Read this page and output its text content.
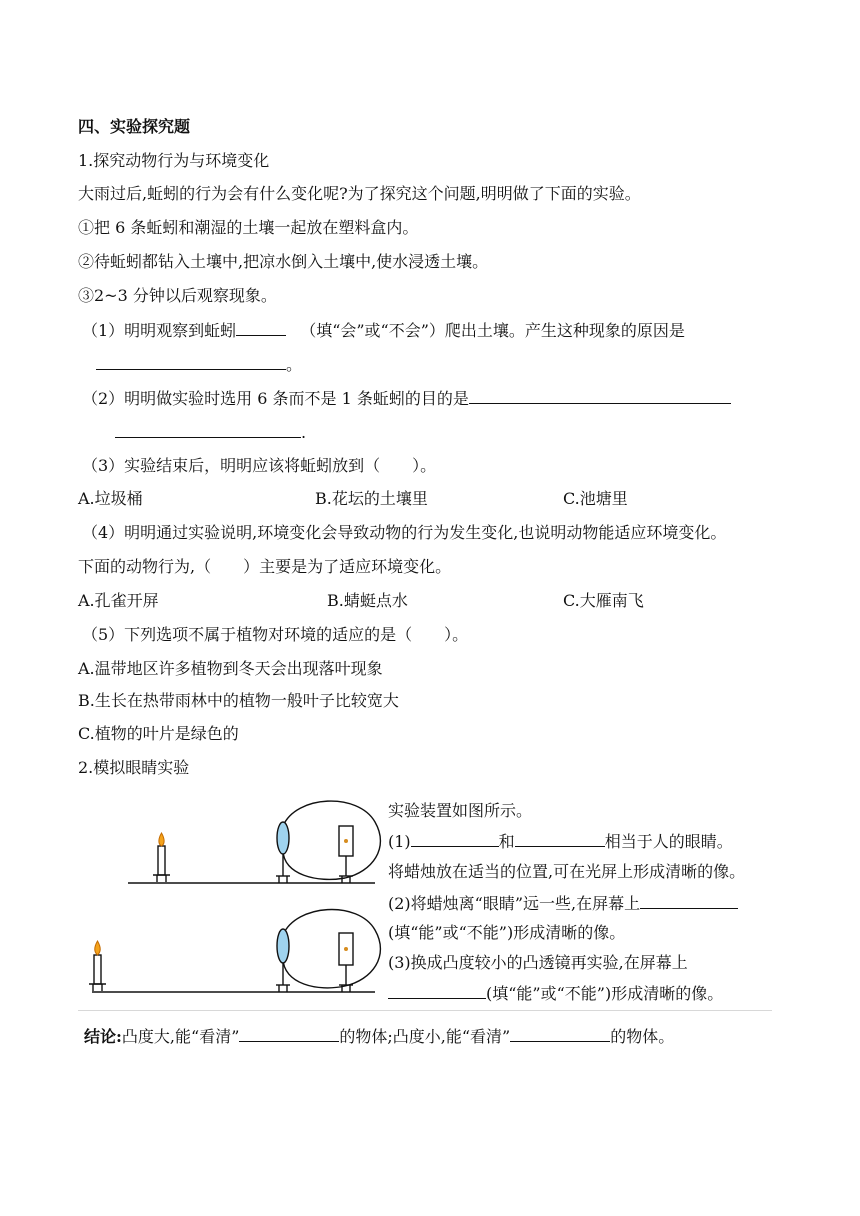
四、实验探究题
1.探究动物行为与环境变化
大雨过后,蚯蚓的行为会有什么变化呢?为了探究这个问题,明明做了下面的实验。
①把 6 条蚯蚓和潮湿的土壤一起放在塑料盒内。
②待蚯蚓都钻入土壤中,把凉水倒入土壤中,使水浸透土壤。
③2~3 分钟以后观察现象。
（1）明明观察到蚯蚓	（填“会”或“不会”）爬出土壤。产生这种现象的原因是
。
（2）明明做实验时选用 6 条而不是 1 条蚯蚓的目的是
.
（3）实验结束后，明明应该将蚯蚓放到（　　）。
A.垃圾桶	B.花坛的土壤里	C.池塘里
（4）明明通过实验说明,环境变化会导致动物的行为发生变化,也说明动物能适应环境变化。
下面的动物行为,（　　）主要是为了适应环境变化。
A.孔雀开屏	B.蜻蜓点水	C.大雁南飞
（5）下列选项不属于植物对环境的适应的是（　　）。
A.温带地区许多植物到冬天会出现落叶现象
B.生长在热带雨林中的植物一般叶子比较宽大
C.植物的叶片是绿色的
2.模拟眼睛实验
实验装置如图所示。
(1)	和	相当于人的眼睛。
将蜡烛放在适当的位置,可在光屏上形成清晰的像。
(2)将蜡烛离“眼睛”远一些,在屏幕上
(填“能”或“不能”)形成清晰的像。
(3)换成凸度较小的凸透镜再实验,在屏幕上
(填“能”或“不能”)形成清晰的像。
结论:凸度大,能“看清”	的物体;凸度小,能“看清”	的物体。
